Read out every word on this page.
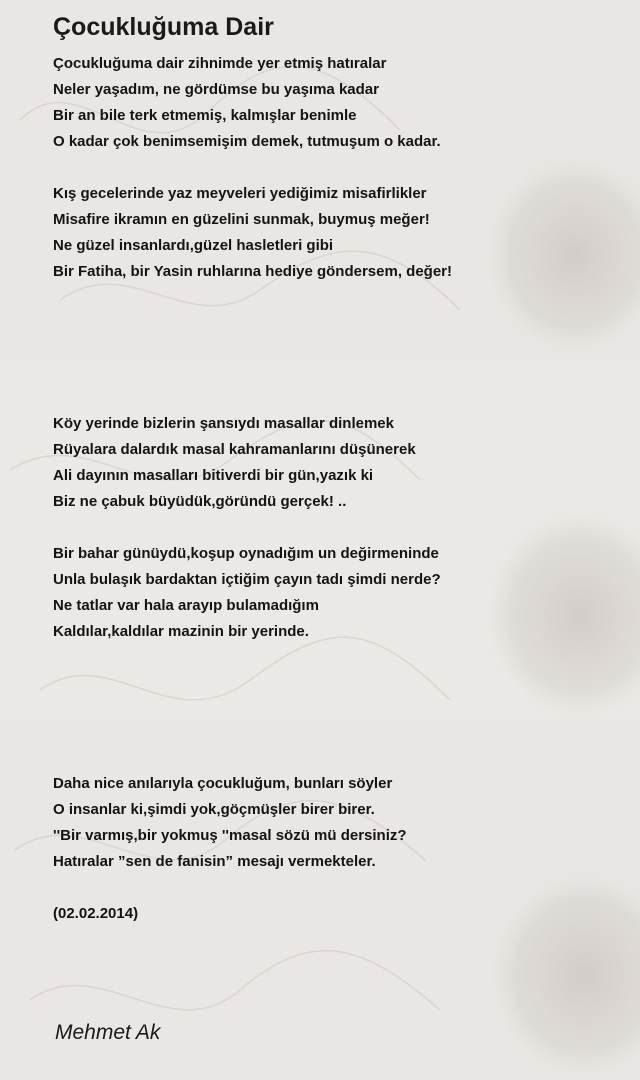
Çocukluğuma Dair
Çocukluğuma dair zihnimde yer etmiş hatıralar
Neler yaşadım, ne gördümse bu yaşıma kadar
Bir an bile terk etmemiş, kalmışlar benimle
O kadar çok benimsemişim demek, tutmuşum o kadar.
Kış gecelerinde yaz meyveleri yediğimiz misafirlikler
Misafire ikramın en güzelini sunmak, buymuş meğer!
Ne güzel insanlardı,güzel hasletleri gibi
Bir Fatiha, bir Yasin ruhlarına hediye göndersem, değer!
Köy yerinde bizlerin şansıydı masallar dinlemek
Rüyalara dalardık masal kahramanlarını düşünerek
Ali dayının masalları bitiverdi bir gün,yazık ki
Biz ne çabuk büyüdük,göründü gerçek! ..
Bir bahar günüydü,koşup oynadığım un değirmeninde
Unla bulaşık bardaktan içtiğim çayın tadı şimdi nerde?
Ne tatlar var hala arayıp bulamadığım
Kaldılar,kaldılar mazinin bir yerinde.
Daha nice anılarıyla çocukluğum, bunları söyler
O insanlar ki,şimdi yok,göçmüşler birer birer.
''Bir varmış,bir yokmuş ''masal sözü mü dersiniz?
Hatıralar ”sen de fanisin” mesajı vermekteler.
(02.02.2014)
Mehmet Ak
